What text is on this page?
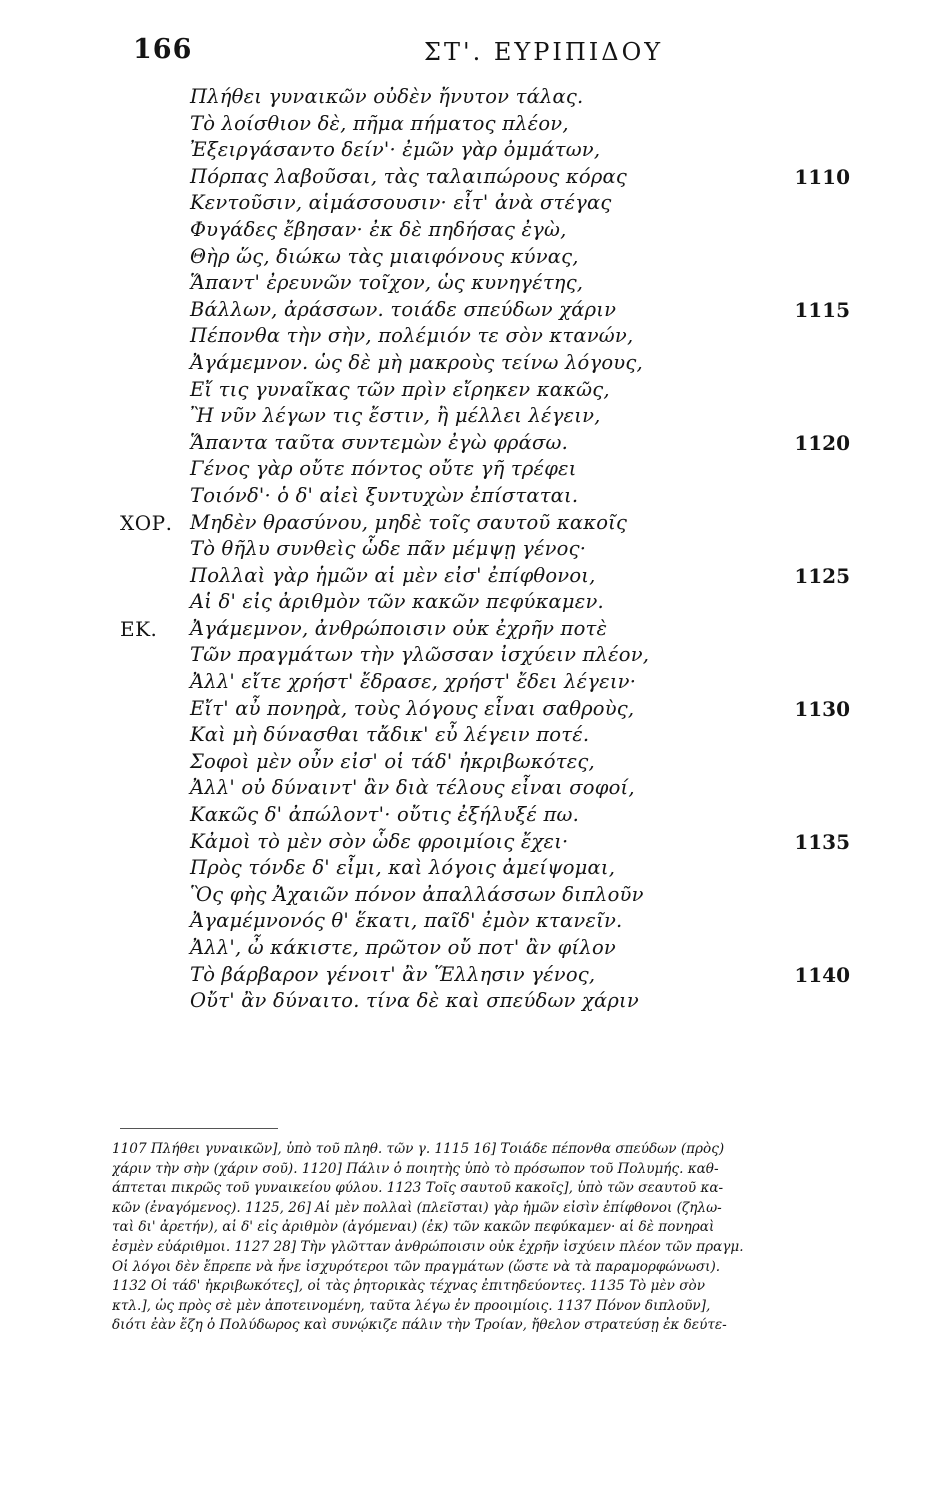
166	ΣΤ'. ΕΥΡΙΠΙΔΟΥ
Πλήθει γυναικῶν οὐδὲν ἤνυτον τάλας.
Τὸ λοίσθιον δὲ, πῆμα πήματος πλέον,
Ἐξειργάσαντο δείν'· ἐμῶν γὰρ ὀμμάτων,
Πόρπας λαβοῦσαι, τὰς ταλαιπώρους κόρας	1110
Κεντοῦσιν, αἱμάσσουσιν· εἶτ' ἀνὰ στέγας
Φυγάδες ἔβησαν· ἐκ δὲ πηδήσας ἐγὼ,
Θὴρ ὥς, διώκω τὰς μιαιφόνους κύνας,
Ἅπαντ' ἐρευνῶν τοῖχον, ὡς κυνηγέτης,
Βάλλων, ἀράσσων. τοιάδε σπεύδων χάριν	1115
Πέπονθα τὴν σὴν, πολέμιόν τε σὸν κτανών,
Ἀγάμεμνον. ὡς δὲ μὴ μακροὺς τείνω λόγους,
Εἴ τις γυναῖκας τῶν πρὶν εἴρηκεν κακῶς,
Ἢ νῦν λέγων τις ἔστιν, ἢ μέλλει λέγειν,
Ἅπαντα ταῦτα συντεμὼν ἐγὼ φράσω.	1120
Γένος γὰρ οὔτε πόντος οὔτε γῆ τρέφει
Τοιόνδ'· ὁ δ' αἰεὶ ξυντυχὼν ἐπίσταται.
ΧΟΡ. Μηδὲν θρασύνου, μηδὲ τοῖς σαυτοῦ κακοῖς
Τὸ θῆλυ συνθεὶς ὧδε πᾶν μέμψῃ γένος·
Πολλαὶ γὰρ ἡμῶν αἱ μὲν εἰσ' ἐπίφθονοι,	1125
Αἱ δ' εἰς ἀριθμὸν τῶν κακῶν πεφύκαμεν.
ΕΚ. Ἀγάμεμνον, ἀνθρώποισιν οὐκ ἐχρῆν ποτὲ
Τῶν πραγμάτων τὴν γλῶσσαν ἰσχύειν πλέον,
Ἀλλ' εἴτε χρήστ' ἔδρασε, χρήστ' ἔδει λέγειν·
Εἴτ' αὖ πονηρὰ, τοὺς λόγους εἶναι σαθροὺς,	1130
Καὶ μὴ δύνασθαι τἄδικ' εὖ λέγειν ποτέ.
Σοφοὶ μὲν οὖν εἰσ' οἱ τάδ' ἠκριβωκότες,
Ἀλλ' οὐ δύναιντ' ἂν διὰ τέλους εἶναι σοφοί,
Κακῶς δ' ἀπώλοντ'· οὔτις ἐξήλυξέ πω.
Κἀμοὶ τὸ μὲν σὸν ὧδε φροιμίοις ἔχει·	1135
Πρὸς τόνδε δ' εἶμι, καὶ λόγοις ἀμείψομαι,
Ὃς φὴς Ἀχαιῶν πόνον ἀπαλλάσσων διπλοῦν
Ἀγαμέμνονός θ' ἕκατι, παῖδ' ἐμὸν κτανεῖν.
Ἀλλ', ὦ κάκιστε, πρῶτον οὔ ποτ' ἂν φίλον
Τὸ βάρβαρον γένοιτ' ἂν Ἕλλησιν γένος,	1140
Οὔτ' ἂν δύναιτο. τίνα δὲ καὶ σπεύδων χάριν
1107 Πλήθει γυναικῶν], ὑπὸ τοῦ πληθ. τῶν γ. 1115 16] Τοιάδε πέπονθα σπεύδων (πρὸς)
χάριν τὴν σὴν (χάριν σοῦ). 1120] Πάλιν ὁ ποιητὴς ὑπὸ τὸ πρόσωπον τοῦ Πολυμής. καθ-
άπτεται πικρῶς τοῦ γυναικείου φύλου. 1123 Τοῖς σαυτοῦ κακοῖς], ὑπὸ τῶν σεαυτοῦ κα-
κῶν (ἐναγόμενος). 1125, 26] Αἱ μὲν πολλαὶ (πλεῖσται) γὰρ ἡμῶν εἰσὶν ἐπίφθονοι (ζηλω-
ταὶ δι' ἀρετήν), αἱ δ' εἰς ἀριθμὸν (ἀγόμεναι) (ἐκ) τῶν κακῶν πεφύκαμεν· αἱ δὲ πονηραὶ
ἐσμὲν εὐάριθμοι. 1127 28] Τὴν γλῶτταν ἀνθρώποισιν οὐκ ἐχρῆν ἰσχύειν πλέον τῶν πραγμ.
Οἱ λόγοι δὲν ἔπρεπε νὰ ἦνε ἰσχυρότεροι τῶν πραγμάτων (ὥστε νὰ τὰ παραμορφώνωσι).
1132 Οἱ τάδ' ἠκριβωκότες], οἱ τὰς ῥητορικὰς τέχνας ἐπιτηδεύοντες. 1135 Τὸ μὲν σὸν
κτλ.], ὡς πρὸς σὲ μὲν ἀποτεινομένη, ταῦτα λέγω ἐν προοιμίοις. 1137 Πόνον διπλοῦν],
διότι ἐὰν ἔζη ὁ Πολύδωρος καὶ συνῴκιζε πάλιν τὴν Τροίαν, ἤθελον στρατεύσῃ ἐκ δεύτε-
